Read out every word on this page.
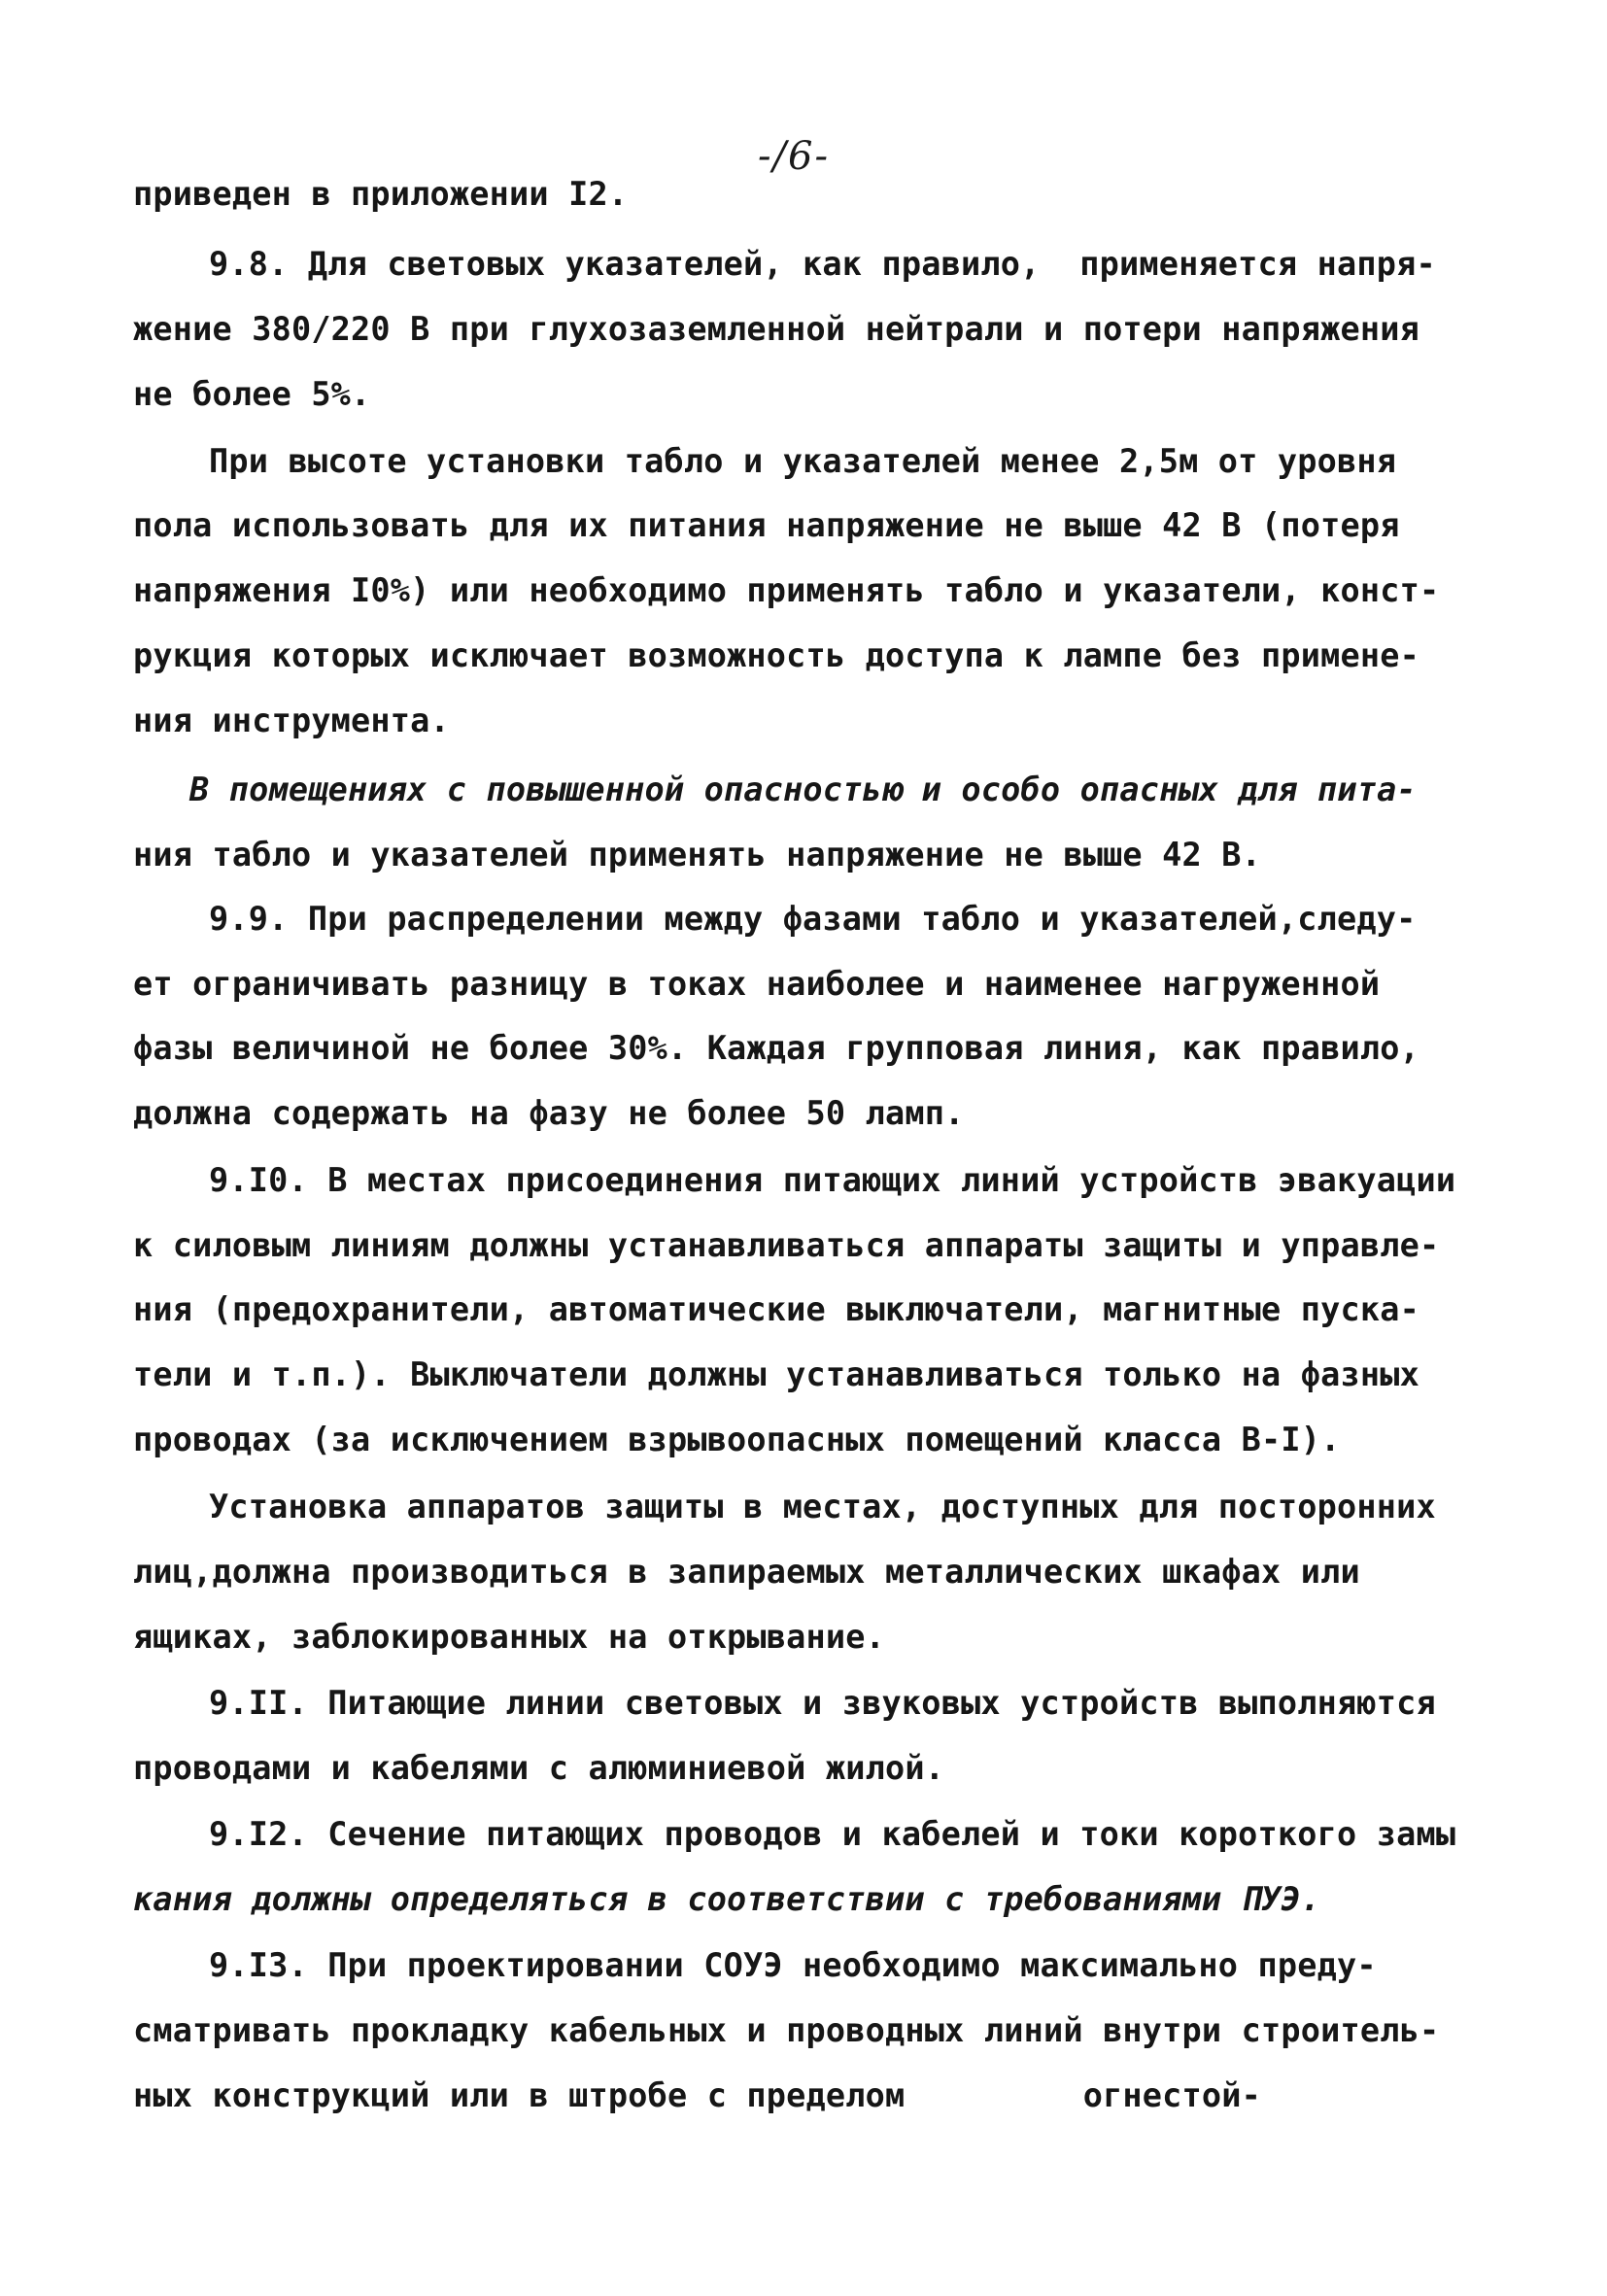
-/6-
приведен в приложении I2.
9.8. Для световых указателей, как правило,  применяется напря-
жение 380/220 В при глухозаземленной нейтрали и потери напряжения
не более 5%.
При высоте установки табло и указателей менее 2,5м от уровня
пола использовать для их питания напряжение не выше 42 В (потеря
напряжения I0%) или необходимо применять табло и указатели, конст-
рукция которых исключает возможность доступа к лампе без примене-
ния инструмента.
В помещениях с повышенной опасностью и особо опасных для пита-
ния табло и указателей применять напряжение не выше 42 В.
9.9. При распределении между фазами табло и указателей,следу-
ет ограничивать разницу в токах наиболее и наименее нагруженной
фазы величиной не более 30%. Каждая групповая линия, как правило,
должна содержать на фазу не более 50 ламп.
9.I0. В местах присоединения питающих линий устройств эвакуации
к силовым линиям должны устанавливаться аппараты защиты и управле-
ния (предохранители, автоматические выключатели, магнитные пуска-
тели и т.п.). Выключатели должны устанавливаться только на фазных
проводах (за исключением взрывоопасных помещений класса В-I).
Установка аппаратов защиты в местах, доступных для посторонних
лиц,должна производиться в запираемых металлических шкафах или
ящиках, заблокированных на открывание.
9.II. Питающие линии световых и звуковых устройств выполняются
проводами и кабелями с алюминиевой жилой.
9.I2. Сечение питающих проводов и кабелей и токи короткого замы
кания должны определяться в соответствии с требованиями ПУЭ.
9.I3. При проектировании СОУЭ необходимо максимально преду-
сматривать прокладку кабельных и проводных линий внутри строитель-
ных конструкций или в штробе с пределом         огнестой-
